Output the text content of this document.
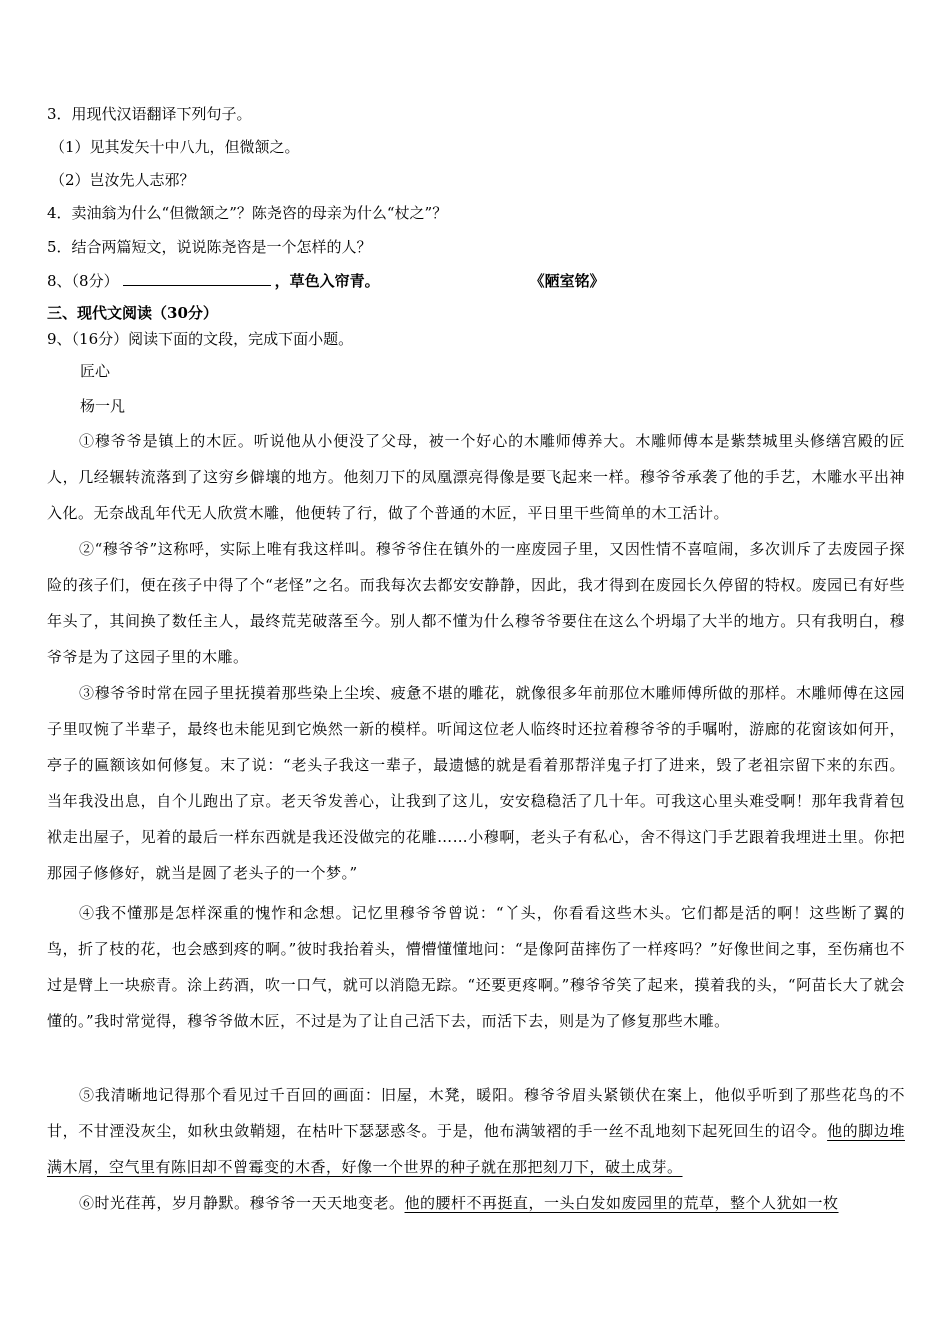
3．用现代汉语翻译下列句子。
（1）见其发矢十中八九，但微颔之。
（2）岂汝先人志邪？
4．卖油翁为什么“但微颔之”？陈尧咨的母亲为什么“杖之”？
5．结合两篇短文，说说陈尧咨是一个怎样的人？
8、（8分）	，草色入帘青。	《陋室铭》
三、现代文阅读（30分）
9、（16分）阅读下面的文段，完成下面小题。
匠心
杨一凡
①穆爷爷是镇上的木匠。听说他从小便没了父母，被一个好心的木雕师傅养大。木雕师傅本是紫禁城里头修缮宫殿的匠人，几经辗转流落到了这穷乡僻壤的地方。他刻刀下的凤凰漂亮得像是要飞起来一样。穆爷爷承袭了他的手艺，木雕水平出神入化。无奈战乱年代无人欣赏木雕，他便转了行，做了个普通的木匠，平日里干些简单的木工活计。
②“穆爷爷”这称呼，实际上唯有我这样叫。穆爷爷住在镇外的一座废园子里，又因性情不喜喧闹，多次训斥了去废园子探险的孩子们，便在孩子中得了个“老怪”之名。而我每次去都安安静静，因此，我才得到在废园长久停留的特权。废园已有好些年头了，其间换了数任主人，最终荒芜破落至今。别人都不懂为什么穆爷爷要住在这么个坍塌了大半的地方。只有我明白，穆爷爷是为了这园子里的木雕。
③穆爷爷时常在园子里抚摸着那些染上尘埃、疲惫不堪的雕花，就像很多年前那位木雕师傅所做的那样。木雕师傅在这园子里叹惋了半辈子，最终也未能见到它焕然一新的模样。听闻这位老人临终时还拉着穆爷爷的手嘱咐，游廊的花窗该如何开，亭子的匾额该如何修复。末了说：“老头子我这一辈子，最遗憾的就是看着那帮洋鬼子打了进来，毁了老祖宗留下来的东西。当年我没出息，自个儿跑出了京。老天爷发善心，让我到了这儿，安安稳稳活了几十年。可我这心里头难受啊！那年我背着包袱走出屋子，见着的最后一样东西就是我还没做完的花雕……小穆啊，老头子有私心，舍不得这门手艺跟着我埋进土里。你把那园子修修好，就当是圆了老头子的一个梦。”
④我不懂那是怎样深重的愧怍和念想。记忆里穆爷爷曾说：“丫头，你看看这些木头。它们都是活的啊！这些断了翼的鸟，折了枝的花，也会感到疼的啊。”彼时我抬着头，懵懵懂懂地问：“是像阿苗摔伤了一样疼吗？”好像世间之事，至伤痛也不过是臂上一块瘀青。涂上药酒，吹一口气，就可以消隐无踪。“还要更疼啊。”穆爷爷笑了起来，摸着我的头，“阿苗长大了就会懂的。”我时常觉得，穆爷爷做木匠，不过是为了让自己活下去，而活下去，则是为了修复那些木雕。
⑤我清晰地记得那个看见过千百回的画面：旧屋，木凳，暖阳。穆爷爷眉头紧锁伏在案上，他似乎听到了那些花鸟的不甘，不甘湮没灰尘，如秋虫敛鞘翅，在枯叶下瑟瑟惑冬。于是，他布满皱褶的手一丝不乱地刻下起死回生的诏令。他的脚边堆满木屑，空气里有陈旧却不曾霉变的木香，好像一个世界的种子就在那把刻刀下，破土成芽。
⑥时光荏苒，岁月静默。穆爷爷一天天地变老。他的腰杆不再挺直，一头白发如废园里的荒草，整个人犹如一枚
